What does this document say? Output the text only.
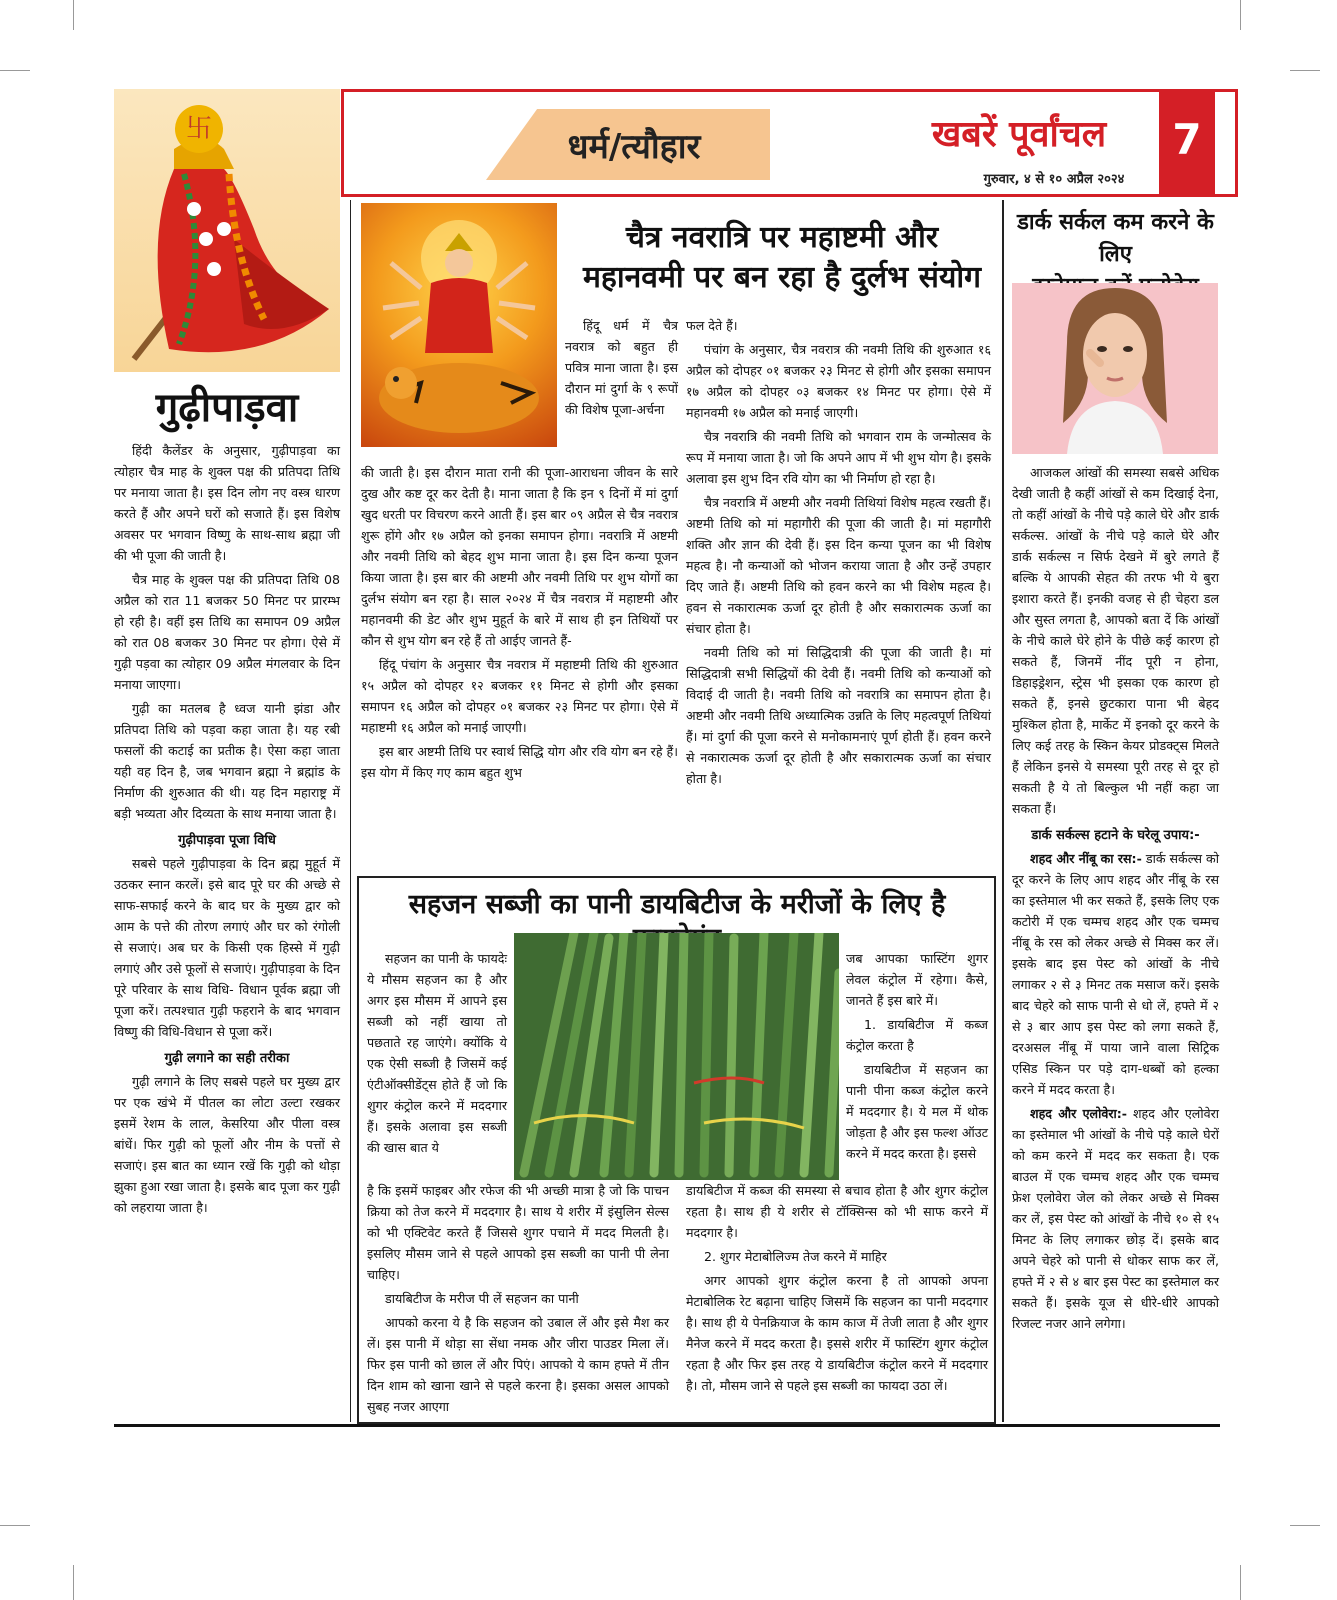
धर्म/त्यौहार	खबरें पूर्वांचल
गुरुवार, ४ से १० अप्रैल २०२४
7
卐
गुढ़ीपाड़वा

हिंदी कैलेंडर के अनुसार, गुढ़ीपाड़वा का त्योहार चैत्र माह के शुक्ल पक्ष की प्रतिपदा तिथि पर मनाया जाता है। इस दिन लोग नए वस्त्र धारण करते हैं और अपने घरों को सजाते हैं। इस विशेष अवसर पर भगवान विष्णु के साथ-साथ ब्रह्मा जी की भी पूजा की जाती है।

चैत्र माह के शुक्ल पक्ष की प्रतिपदा तिथि 08 अप्रैल को रात 11 बजकर 50 मिनट पर प्रारम्भ हो रही है। वहीं इस तिथि का समापन 09 अप्रैल को रात 08 बजकर 30 मिनट पर होगा। ऐसे में गुढ़ी पड़वा का त्योहार 09 अप्रैल मंगलवार के दिन मनाया जाएगा।

गुढ़ी का मतलब है ध्वज यानी झंडा और प्रतिपदा तिथि को पड़वा कहा जाता है। यह रबी फसलों की कटाई का प्रतीक है। ऐसा कहा जाता यही वह दिन है, जब भगवान ब्रह्मा ने ब्रह्मांड के निर्माण की शुरुआत की थी। यह दिन महाराष्ट्र में बड़ी भव्यता और दिव्यता के साथ मनाया जाता है।

गुढ़ीपाड़वा पूजा विधि

सबसे पहले गुढ़ीपाड़वा के दिन ब्रह्म मुहूर्त में उठकर स्नान करलें। इसे बाद पूरे घर की अच्छे से साफ-सफाई करने के बाद घर के मुख्य द्वार को आम के पत्ते की तोरण लगाएं और घर को रंगोली से सजाएं। अब घर के किसी एक हिस्से में गुढ़ी लगाएं और उसे फूलों से सजाएं। गुढ़ीपाड़वा के दिन पूरे परिवार के साथ विधि- विधान पूर्वक ब्रह्मा जी पूजा करें। तत्पश्चात गुढ़ी फहराने के बाद भगवान विष्णु की विधि-विधान से पूजा करें।

गुढ़ी लगाने का सही तरीका

गुढ़ी लगाने के लिए सबसे पहले घर मुख्य द्वार पर एक खंभे में पीतल का लोटा उल्टा रखकर इसमें रेशम के लाल, केसरिया और पीला वस्त्र बांधें। फिर गुढ़ी को फूलों और नीम के पत्तों से सजाएं। इस बात का ध्यान रखें कि गुढ़ी को थोड़ा झुका हुआ रखा जाता है। इसके बाद पूजा कर गुढ़ी को लहराया जाता है।

चैत्र नवरात्रि पर महाष्टमी और
महानवमी पर बन रहा है दुर्लभ संयोग
हिंदू धर्म में चैत्र नवरात्र को बहुत ही पवित्र माना जाता है। इस दौरान मां दुर्गा के ९ रूपों की विशेष पूजा-अर्चना

की जाती है। इस दौरान माता रानी की पूजा-आराधना जीवन के सारे दुख और कष्ट दूर कर देती है। माना जाता है कि इन ९ दिनों में मां दुर्गा खुद धरती पर विचरण करने आती हैं। इस बार ०९ अप्रैल से चैत्र नवरात्र शुरू होंगे और १७ अप्रैल को इनका समापन होगा। नवरात्रि में अष्टमी और नवमी तिथि को बेहद शुभ माना जाता है। इस दिन कन्या पूजन किया जाता है। इस बार की अष्टमी और नवमी तिथि पर शुभ योगों का दुर्लभ संयोग बन रहा है। साल २०२४ में चैत्र नवरात्र में महाष्टमी और महानवमी की डेट और शुभ मुहूर्त के बारे में साथ ही इन तिथियों पर कौन से शुभ योग बन रहे हैं तो आईए जानते हैं-

हिंदू पंचांग के अनुसार चैत्र नवरात्र में महाष्टमी तिथि की शुरुआत १५ अप्रैल को दोपहर १२ बजकर ११ मिनट से होगी और इसका समापन १६ अप्रैल को दोपहर ०१ बजकर २३ मिनट पर होगा। ऐसे में महाष्टमी १६ अप्रैल को मनाई जाएगी।

इस बार अष्टमी तिथि पर स्वार्थ सिद्धि योग और रवि योग बन रहे हैं। इस योग में किए गए काम बहुत शुभ

फल देते हैं।

पंचांग के अनुसार, चैत्र नवरात्र की नवमी तिथि की शुरुआत १६ अप्रैल को दोपहर ०१ बजकर २३ मिनट से होगी और इसका समापन १७ अप्रैल को दोपहर ०३ बजकर १४ मिनट पर होगा। ऐसे में महानवमी १७ अप्रैल को मनाई जाएगी।

चैत्र नवरात्रि की नवमी तिथि को भगवान राम के जन्मोत्सव के रूप में मनाया जाता है। जो कि अपने आप में भी शुभ योग है। इसके अलावा इस शुभ दिन रवि योग का भी निर्माण हो रहा है।

चैत्र नवरात्रि में अष्टमी और नवमी तिथियां विशेष महत्व रखती हैं। अष्टमी तिथि को मां महागौरी की पूजा की जाती है। मां महागौरी शक्ति और ज्ञान की देवी हैं। इस दिन कन्या पूजन का भी विशेष महत्व है। नौ कन्याओं को भोजन कराया जाता है और उन्हें उपहार दिए जाते हैं। अष्टमी तिथि को हवन करने का भी विशेष महत्व है। हवन से नकारात्मक ऊर्जा दूर होती है और सकारात्मक ऊर्जा का संचार होता है।

नवमी तिथि को मां सिद्धिदात्री की पूजा की जाती है। मां सिद्धिदात्री सभी सिद्धियों की देवी हैं। नवमी तिथि को कन्याओं को विदाई दी जाती है। नवमी तिथि को नवरात्रि का समापन होता है। अष्टमी और नवमी तिथि अध्यात्मिक उन्नति के लिए महत्वपूर्ण तिथियां हैं। मां दुर्गा की पूजा करने से मनोकामनाएं पूर्ण होती हैं। हवन करने से नकारात्मक ऊर्जा दूर होती है और सकारात्मक ऊर्जा का संचार होता है।

सहजन सब्जी का पानी डायबिटीज के मरीजों के लिए है
सहजन का पानी के फायदेः ये मौसम सहजन का है और अगर इस मौसम में आपने इस सब्जी को नहीं खाया तो पछताते रह जाएंगे। क्योंकि ये एक ऐसी सब्जी है जिसमें कई एंटीऑक्सीडेंट्स होते हैं जो कि शुगर कंट्रोल करने में मददगार हैं। इसके अलावा इस सब्जी की खास बात ये

जब आपका फास्टिंग शुगर लेवल कंट्रोल में रहेगा। कैसे, जानते हैं इस बारे में।

1. डायबिटीज में कब्ज कंट्रोल करता है

डायबिटीज में सहजन का पानी पीना कब्ज कंट्रोल करने में मददगार है। ये मल में थोक जोड़ता है और इस फल्श ऑउट करने में मदद करता है। इससे

है कि इसमें फाइबर और रफेज की भी अच्छी मात्रा है जो कि पाचन क्रिया को तेज करने में मददगार है। साथ ये शरीर में इंसुलिन सेल्स को भी एक्टिवेट करते हैं जिससे शुगर पचाने में मदद मिलती है। इसलिए मौसम जाने से पहले आपको इस सब्जी का पानी पी लेना चाहिए।

डायबिटीज के मरीज पी लें सहजन का पानी

आपको करना ये है कि सहजन को उबाल लें और इसे मैश कर लें। इस पानी में थोड़ा सा सेंधा नमक और जीरा पाउडर मिला लें। फिर इस पानी को छाल लें और पिएं। आपको ये काम हफ्ते में तीन दिन शाम को खाना खाने से पहले करना है। इसका असल आपको सुबह नजर आएगा

डायबिटीज में कब्ज की समस्या से बचाव होता है और शुगर कंट्रोल रहता है। साथ ही ये शरीर से टॉक्सिन्स को भी साफ करने में मददगार है।

2. शुगर मेटाबोलिज्म तेज करने में माहिर

अगर आपको शुगर कंट्रोल करना है तो आपको अपना मेटाबोलिक रेट बढ़ाना चाहिए जिसमें कि सहजन का पानी मददगार है। साथ ही ये पेनक्रियाज के काम काज में तेजी लाता है और शुगर मैनेज करने में मदद करता है। इससे शरीर में फास्टिंग शुगर कंट्रोल रहता है और फिर इस तरह ये डायबिटीज कंट्रोल करने में मददगार है। तो, मौसम जाने से पहले इस सब्जी का फायदा उठा लें।

डार्क सर्कल कम करने के लिए

आजकल आंखों की समस्या सबसे अधिक देखी जाती है कहीं आंखों से कम दिखाई देना, तो कहीं आंखों के नीचे पड़े काले घेरे और डार्क सर्कल्स. आंखों के नीचे पड़े काले घेरे और डार्क सर्कल्स न सिर्फ देखने में बुरे लगते हैं बल्कि ये आपकी सेहत की तरफ भी ये बुरा इशारा करते हैं। इनकी वजह से ही चेहरा डल और सुस्त लगता है, आपको बता दें कि आंखों के नीचे काले घेरे होने के पीछे कई कारण हो सकते हैं, जिनमें नींद पूरी न होना, डिहाइड्रेशन, स्ट्रेस भी इसका एक कारण हो सकते हैं, इनसे छुटकारा पाना भी बेहद मुश्किल होता है, मार्केट में इनको दूर करने के लिए कई तरह के स्किन केयर प्रोडक्ट्स मिलते हैं लेकिन इनसे ये समस्या पूरी तरह से दूर हो सकती है ये तो बिल्कुल भी नहीं कहा जा सकता हैं।

डार्क सर्कल्स हटाने के घरेलू उपाय:-

शहद और नींबू का रस:- डार्क सर्कल्स को दूर करने के लिए आप शहद और नींबू के रस का इस्तेमाल भी कर सकते हैं, इसके लिए एक कटोरी में एक चम्मच शहद और एक चम्मच नींबू के रस को लेकर अच्छे से मिक्स कर लें। इसके बाद इस पेस्ट को आंखों के नीचे लगाकर २ से ३ मिनट तक मसाज करें। इसके बाद चेहरे को साफ पानी से धो लें, हफ्ते में २ से ३ बार आप इस पेस्ट को लगा सकते हैं, दरअसल नींबू में पाया जाने वाला सिट्रिक एसिड स्किन पर पड़े दाग-धब्बों को हल्का करने में मदद करता है।

शहद और एलोवेरा:- शहद और एलोवेरा का इस्तेमाल भी आंखों के नीचे पड़े काले घेरों को कम करने में मदद कर सकता है। एक बाउल में एक चम्मच शहद और एक चम्मच फ्रेश एलोवेरा जेल को लेकर अच्छे से मिक्स कर लें, इस पेस्ट को आंखों के नीचे १० से १५ मिनट के लिए लगाकर छोड़ दें। इसके बाद अपने चेहरे को पानी से धोकर साफ कर लें, हफ्ते में २ से ४ बार इस पेस्ट का इस्तेमाल कर सकते हैं। इसके यूज से धीरे-धीरे आपको रिजल्ट नजर आने लगेगा।
